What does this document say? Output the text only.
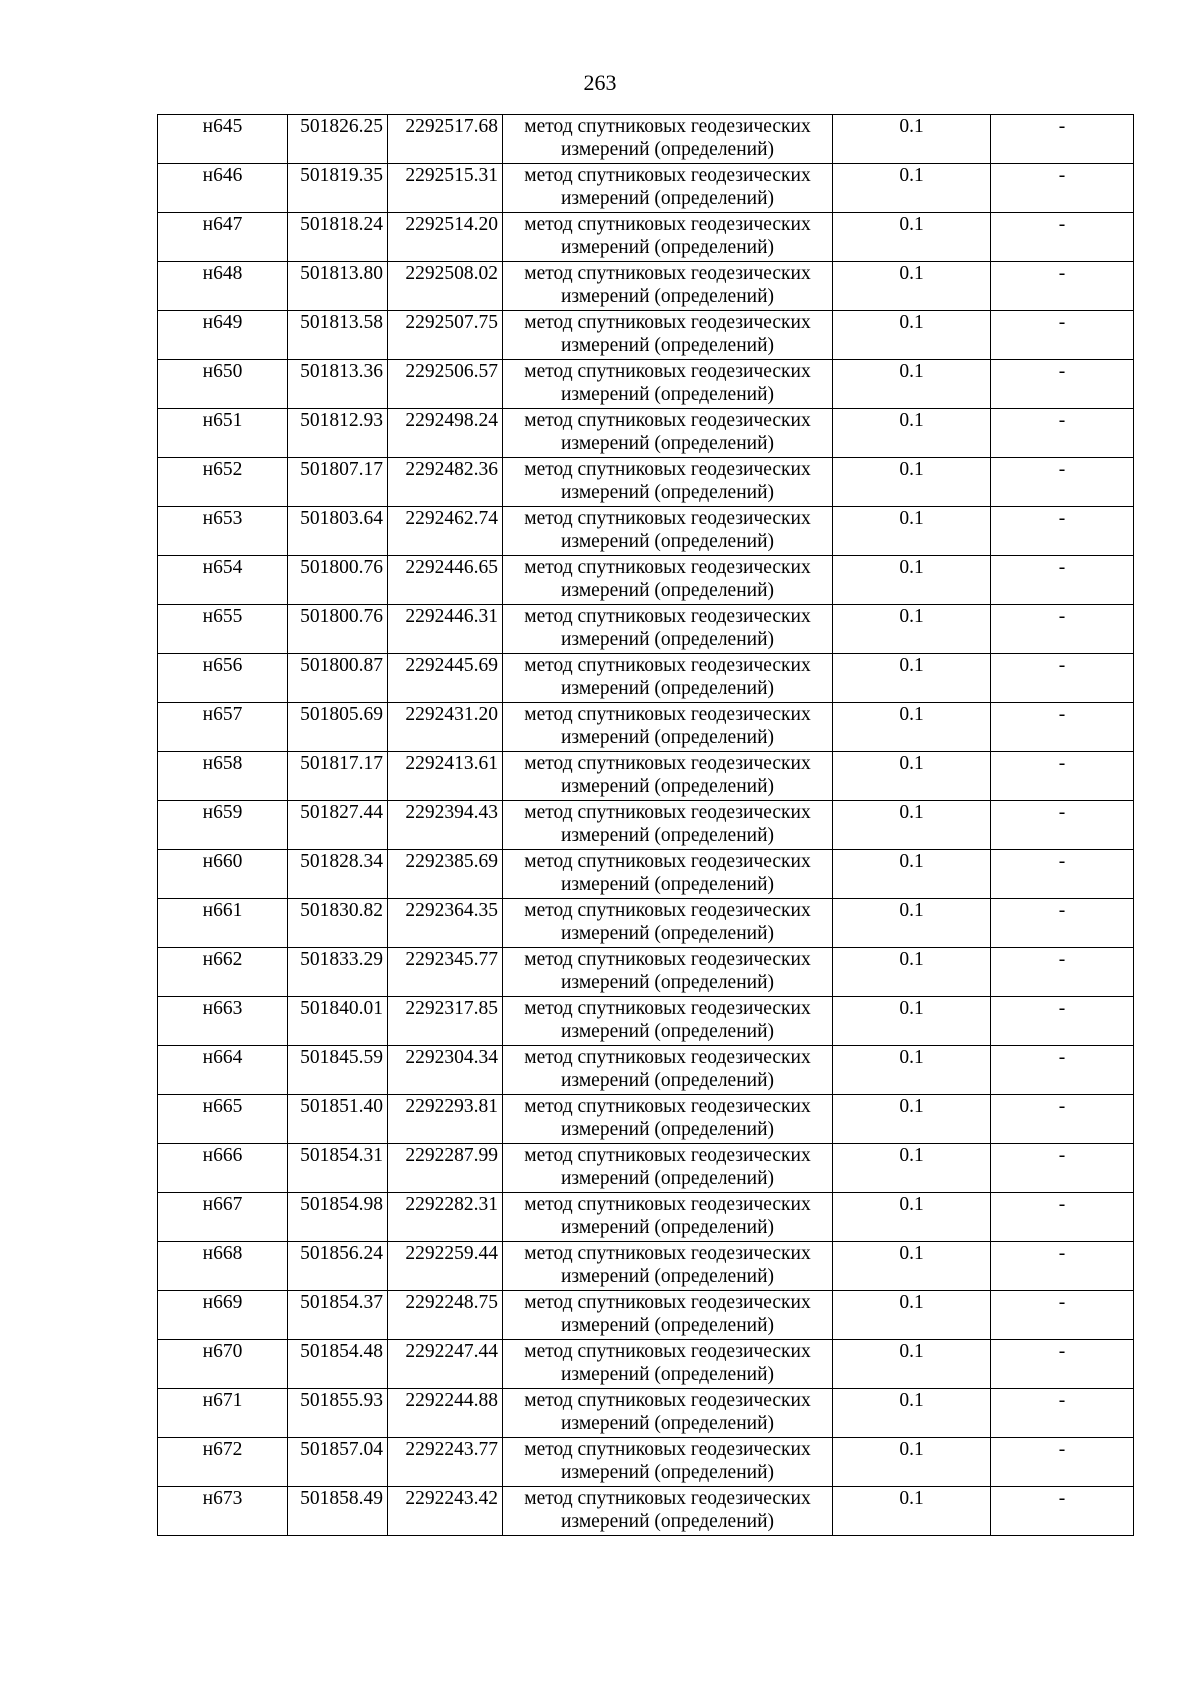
263
н645	501826.25	2292517.68	метод спутниковых геодезических
измерений (определений)	0.1	-
н646	501819.35	2292515.31	метод спутниковых геодезических
измерений (определений)	0.1	-
н647	501818.24	2292514.20	метод спутниковых геодезических
измерений (определений)	0.1	-
н648	501813.80	2292508.02	метод спутниковых геодезических
измерений (определений)	0.1	-
н649	501813.58	2292507.75	метод спутниковых геодезических
измерений (определений)	0.1	-
н650	501813.36	2292506.57	метод спутниковых геодезических
измерений (определений)	0.1	-
н651	501812.93	2292498.24	метод спутниковых геодезических
измерений (определений)	0.1	-
н652	501807.17	2292482.36	метод спутниковых геодезических
измерений (определений)	0.1	-
н653	501803.64	2292462.74	метод спутниковых геодезических
измерений (определений)	0.1	-
н654	501800.76	2292446.65	метод спутниковых геодезических
измерений (определений)	0.1	-
н655	501800.76	2292446.31	метод спутниковых геодезических
измерений (определений)	0.1	-
н656	501800.87	2292445.69	метод спутниковых геодезических
измерений (определений)	0.1	-
н657	501805.69	2292431.20	метод спутниковых геодезических
измерений (определений)	0.1	-
н658	501817.17	2292413.61	метод спутниковых геодезических
измерений (определений)	0.1	-
н659	501827.44	2292394.43	метод спутниковых геодезических
измерений (определений)	0.1	-
н660	501828.34	2292385.69	метод спутниковых геодезических
измерений (определений)	0.1	-
н661	501830.82	2292364.35	метод спутниковых геодезических
измерений (определений)	0.1	-
н662	501833.29	2292345.77	метод спутниковых геодезических
измерений (определений)	0.1	-
н663	501840.01	2292317.85	метод спутниковых геодезических
измерений (определений)	0.1	-
н664	501845.59	2292304.34	метод спутниковых геодезических
измерений (определений)	0.1	-
н665	501851.40	2292293.81	метод спутниковых геодезических
измерений (определений)	0.1	-
н666	501854.31	2292287.99	метод спутниковых геодезических
измерений (определений)	0.1	-
н667	501854.98	2292282.31	метод спутниковых геодезических
измерений (определений)	0.1	-
н668	501856.24	2292259.44	метод спутниковых геодезических
измерений (определений)	0.1	-
н669	501854.37	2292248.75	метод спутниковых геодезических
измерений (определений)	0.1	-
н670	501854.48	2292247.44	метод спутниковых геодезических
измерений (определений)	0.1	-
н671	501855.93	2292244.88	метод спутниковых геодезических
измерений (определений)	0.1	-
н672	501857.04	2292243.77	метод спутниковых геодезических
измерений (определений)	0.1	-
н673	501858.49	2292243.42	метод спутниковых геодезических
измерений (определений)	0.1	-
